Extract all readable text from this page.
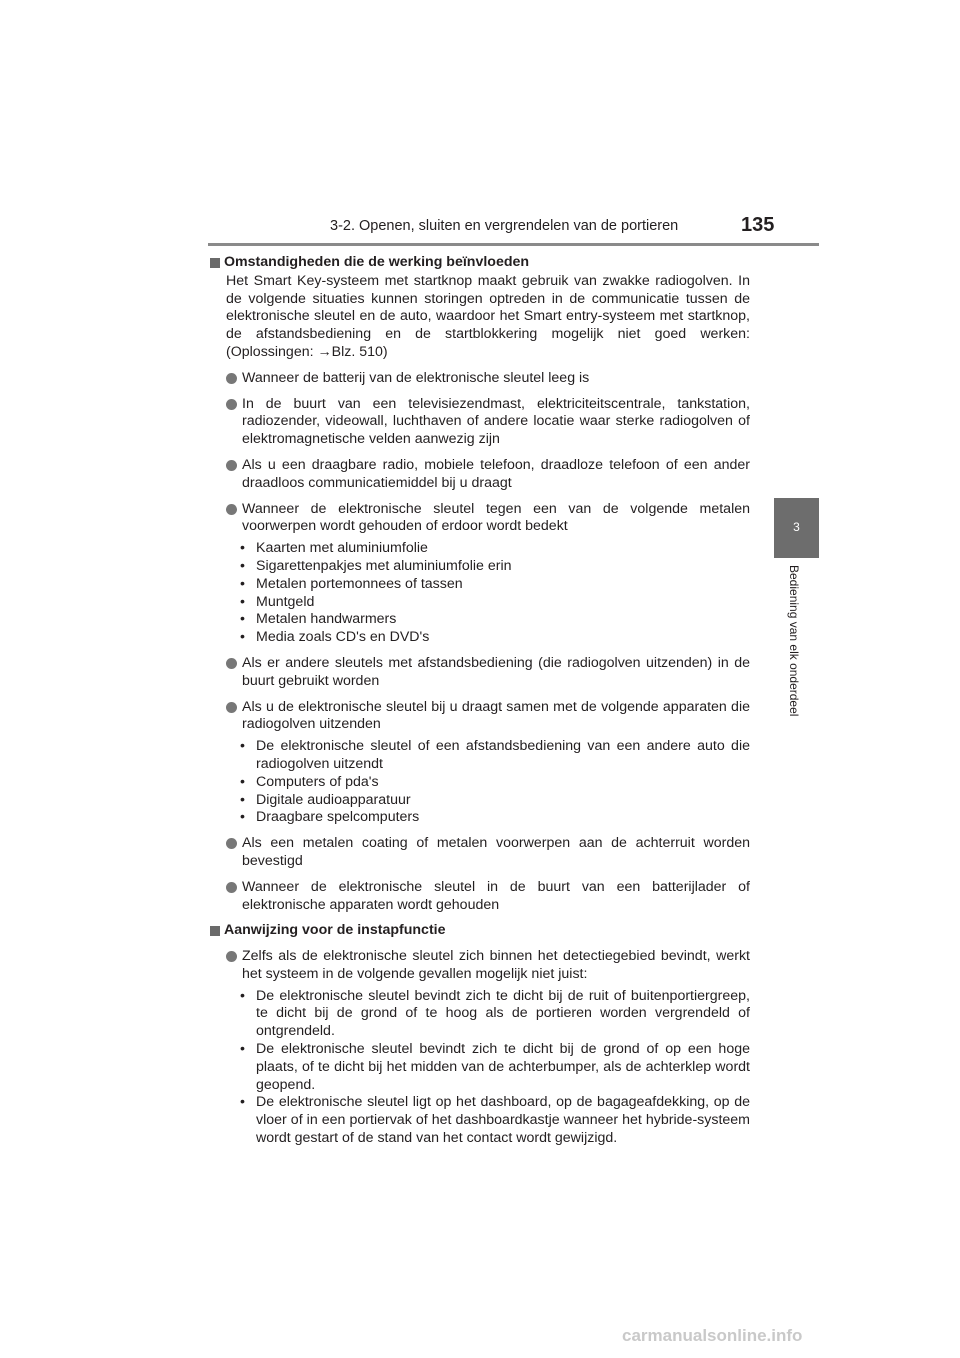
3-2. Openen, sluiten en vergrendelen van de portieren	135
3
Bediening van elk onderdeel

Omstandigheden die de werking beïnvloeden

Het Smart Key-systeem met startknop maakt gebruik van zwakke radiogolven. In de volgende situaties kunnen storingen optreden in de communicatie tussen de elektronische sleutel en de auto, waardoor het Smart entry-systeem met startknop, de afstandsbediening en de startblokkering mogelijk niet goed werken: (Oplossingen: →Blz. 510)

Wanneer de batterij van de elektronische sleutel leeg is
In de buurt van een televisiezendmast, elektriciteitscentrale, tankstation, radiozender, videowall, luchthaven of andere locatie waar sterke radiogolven of elektromagnetische velden aanwezig zijn
Als u een draagbare radio, mobiele telefoon, draadloze telefoon of een ander draadloos communicatiemiddel bij u draagt
Wanneer de elektronische sleutel tegen een van de volgende metalen voorwerpen wordt gehouden of erdoor wordt bedekt
• Kaarten met aluminiumfolie
• Sigarettenpakjes met aluminiumfolie erin
• Metalen portemonnees of tassen
• Muntgeld
• Metalen handwarmers
• Media zoals CD's en DVD's
Als er andere sleutels met afstandsbediening (die radiogolven uitzenden) in de buurt gebruikt worden
Als u de elektronische sleutel bij u draagt samen met de volgende apparaten die radiogolven uitzenden
• De elektronische sleutel of een afstandsbediening van een andere auto die radiogolven uitzendt
• Computers of pda's
• Digitale audioapparatuur
• Draagbare spelcomputers
Als een metalen coating of metalen voorwerpen aan de achterruit worden bevestigd
Wanneer de elektronische sleutel in de buurt van een batterijlader of elektronische apparaten wordt gehouden

Aanwijzing voor de instapfunctie

Zelfs als de elektronische sleutel zich binnen het detectiegebied bevindt, werkt het systeem in de volgende gevallen mogelijk niet juist:
• De elektronische sleutel bevindt zich te dicht bij de ruit of buitenportiergreep, te dicht bij de grond of te hoog als de portieren worden vergrendeld of ontgrendeld.
• De elektronische sleutel bevindt zich te dicht bij de grond of op een hoge plaats, of te dicht bij het midden van de achterbumper, als de achterklep wordt geopend.
• De elektronische sleutel ligt op het dashboard, op de bagageafdekking, op de vloer of in een portiervak of het dashboardkastje wanneer het hybride-systeem wordt gestart of de stand van het contact wordt gewijzigd.
carmanualsonline.info
